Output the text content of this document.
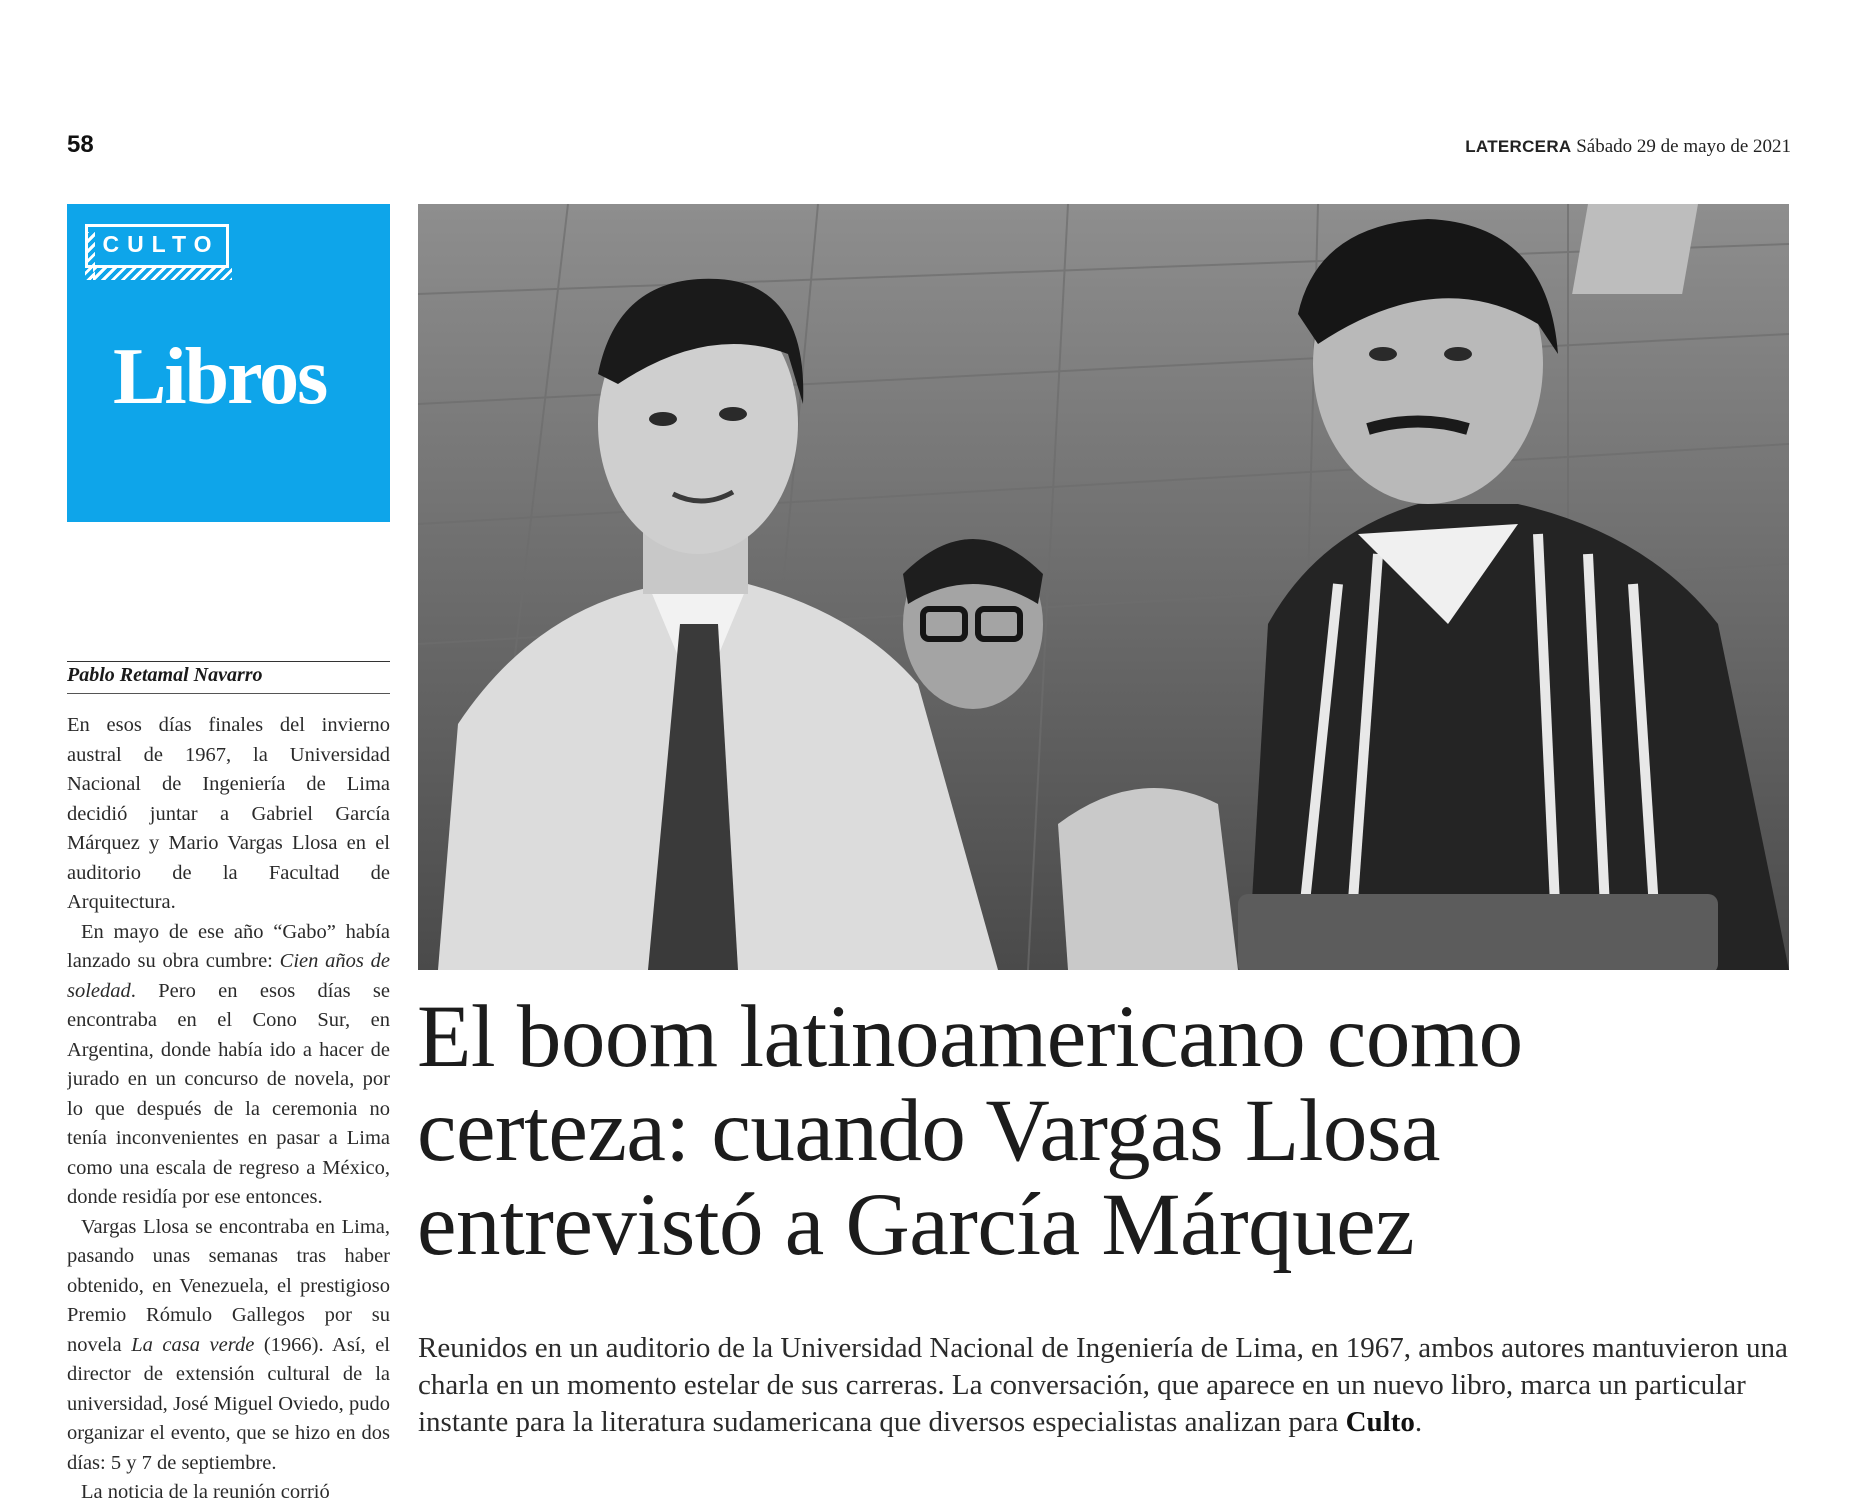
58	LATERCERA Sábado 29 de mayo de 2021
CULTO
Libros
Pablo Retamal Navarro

En esos días finales del invierno austral de 1967, la Universidad Nacional de Ingeniería de Lima decidió juntar a Gabriel García Márquez y Mario Vargas Llosa en el auditorio de la Facultad de Arquitectura.

En mayo de ese año “Gabo” había lanzado su obra cumbre: Cien años de soledad. Pero en esos días se encontraba en el Cono Sur, en Argentina, donde había ido a hacer de jurado en un concurso de novela, por lo que después de la ceremonia no tenía inconvenientes en pasar a Lima como una escala de regreso a México, donde residía por ese entonces.

Vargas Llosa se encontraba en Lima, pasando unas semanas tras haber obtenido, en Venezuela, el prestigioso Premio Rómulo Gallegos por su novela La casa verde (1966). Así, el director de extensión cultural de la universidad, José Miguel Oviedo, pudo organizar el evento, que se hizo en dos días: 5 y 7 de septiembre.

La noticia de la reunión corrió

El boom latinoamericano como certeza: cuando Vargas Llosa entrevistó a García Márquez

Reunidos en un auditorio de la Universidad Nacional de Ingeniería de Lima, en 1967, ambos autores mantuvieron una charla en un momento estelar de sus carreras. La conversación, que aparece en un nuevo libro, marca un particular instante para la literatura sudamericana que diversos especialistas analizan para Culto.
